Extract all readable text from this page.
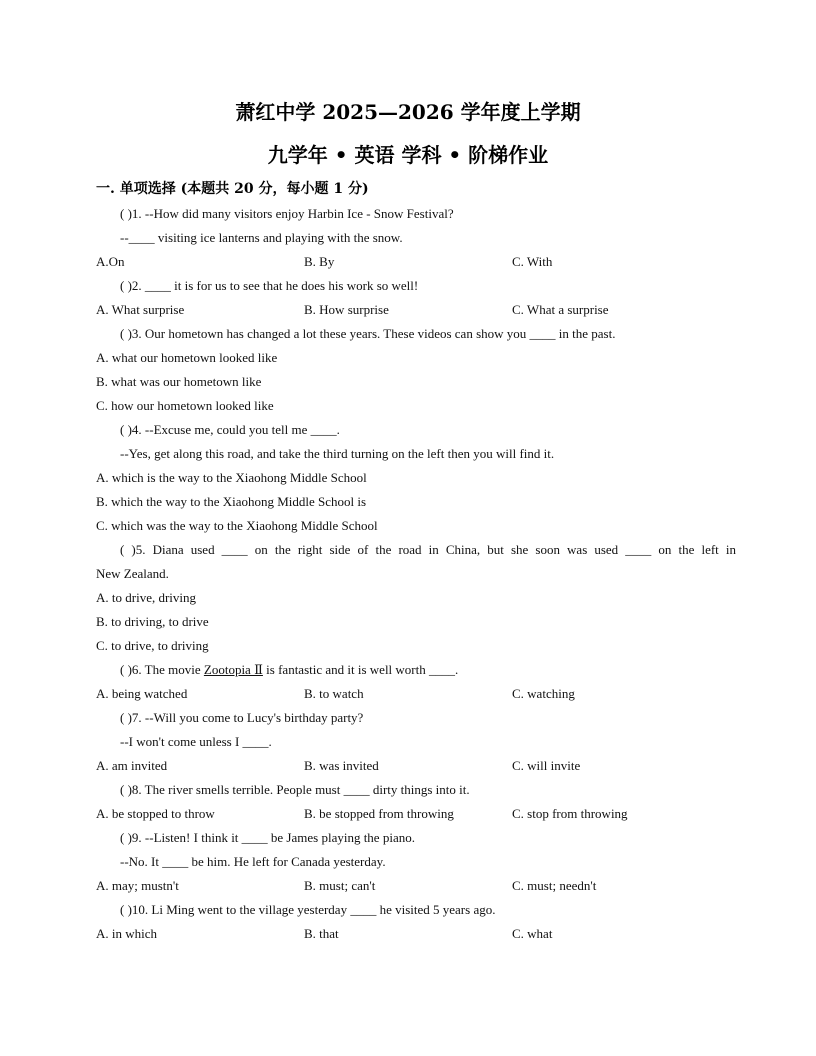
萧红中学 2025—2026 学年度上学期
九学年 • 英语 学科 • 阶梯作业
一. 单项选择 (本题共 20 分，每小题 1 分)

( )1. --How did many visitors enjoy Harbin Ice - Snow Festival?

--____ visiting ice lanterns and playing with the snow.

A.On	B. By	C. With

( )2. ____ it is for us to see that he does his work so well!

A. What surprise	B. How surprise	C. What a surprise

( )3. Our hometown has changed a lot these years. These videos can show you ____ in the past.

A. what our hometown looked like

B. what was our hometown like

C. how our hometown looked like

( )4. --Excuse me, could you tell me ____.

--Yes, get along this road, and take the third turning on the left then you will find it.

A. which is the way to the Xiaohong Middle School

B. which the way to the Xiaohong Middle School is

C. which was the way to the Xiaohong Middle School

( )5. Diana used ____ on the right side of the road in China, but she soon was used ____ on the left in
New Zealand.

A. to drive, driving

B. to driving, to drive

C. to drive, to driving

( )6. The movie Zootopia Ⅱ is fantastic and it is well worth ____.

A. being watched	B. to watch	C. watching

( )7. --Will you come to Lucy's birthday party?

--I won't come unless I ____.

A. am invited	B. was invited	C. will invite

( )8. The river smells terrible. People must ____ dirty things into it.

A. be stopped to throw	B. be stopped from throwing	C. stop from throwing

( )9. --Listen! I think it ____ be James playing the piano.

--No. It ____ be him. He left for Canada yesterday.

A. may; mustn't	B. must; can't	C. must; needn't

( )10. Li Ming went to the village yesterday ____ he visited 5 years ago.

A. in which	B. that	C. what
